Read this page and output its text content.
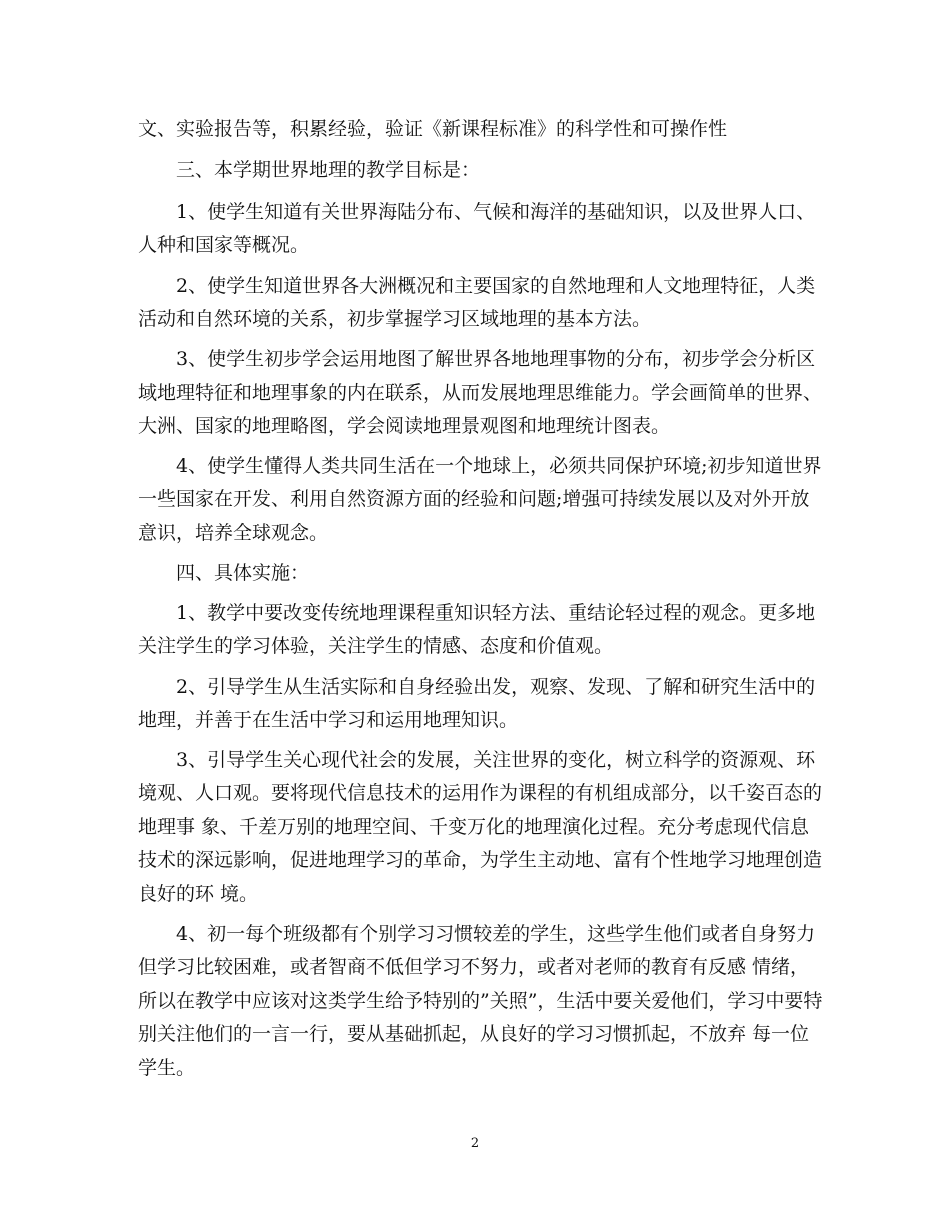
文、实验报告等，积累经验，验证《新课程标准》的科学性和可操作性
三、本学期世界地理的教学目标是：
1、使学生知道有关世界海陆分布、气候和海洋的基础知识，以及世界人口、
人种和国家等概况。
2、使学生知道世界各大洲概况和主要国家的自然地理和人文地理特征，人类
活动和自然环境的关系，初步掌握学习区域地理的基本方法。
3、使学生初步学会运用地图了解世界各地地理事物的分布，初步学会分析区
域地理特征和地理事象的内在联系，从而发展地理思维能力。学会画简单的世界、
大洲、国家的地理略图，学会阅读地理景观图和地理统计图表。
4、使学生懂得人类共同生活在一个地球上，必须共同保护环境;初步知道世界
一些国家在开发、利用自然资源方面的经验和问题;增强可持续发展以及对外开放
意识，培养全球观念。
四、具体实施：
1、教学中要改变传统地理课程重知识轻方法、重结论轻过程的观念。更多地
关注学生的学习体验，关注学生的情感、态度和价值观。
2、引导学生从生活实际和自身经验出发，观察、发现、了解和研究生活中的
地理，并善于在生活中学习和运用地理知识。
3、引导学生关心现代社会的发展，关注世界的变化，树立科学的资源观、环
境观、人口观。要将现代信息技术的运用作为课程的有机组成部分，以千姿百态的
地理事 象、千差万别的地理空间、千变万化的地理演化过程。充分考虑现代信息
技术的深远影响，促进地理学习的革命，为学生主动地、富有个性地学习地理创造
良好的环 境。
4、初一每个班级都有个别学习习惯较差的学生，这些学生他们或者自身努力
但学习比较困难，或者智商不低但学习不努力，或者对老师的教育有反感 情绪，
所以在教学中应该对这类学生给予特别的”关照”，生活中要关爱他们，学习中要特
别关注他们的一言一行，要从基础抓起，从良好的学习习惯抓起，不放弃 每一位
学生。
2
